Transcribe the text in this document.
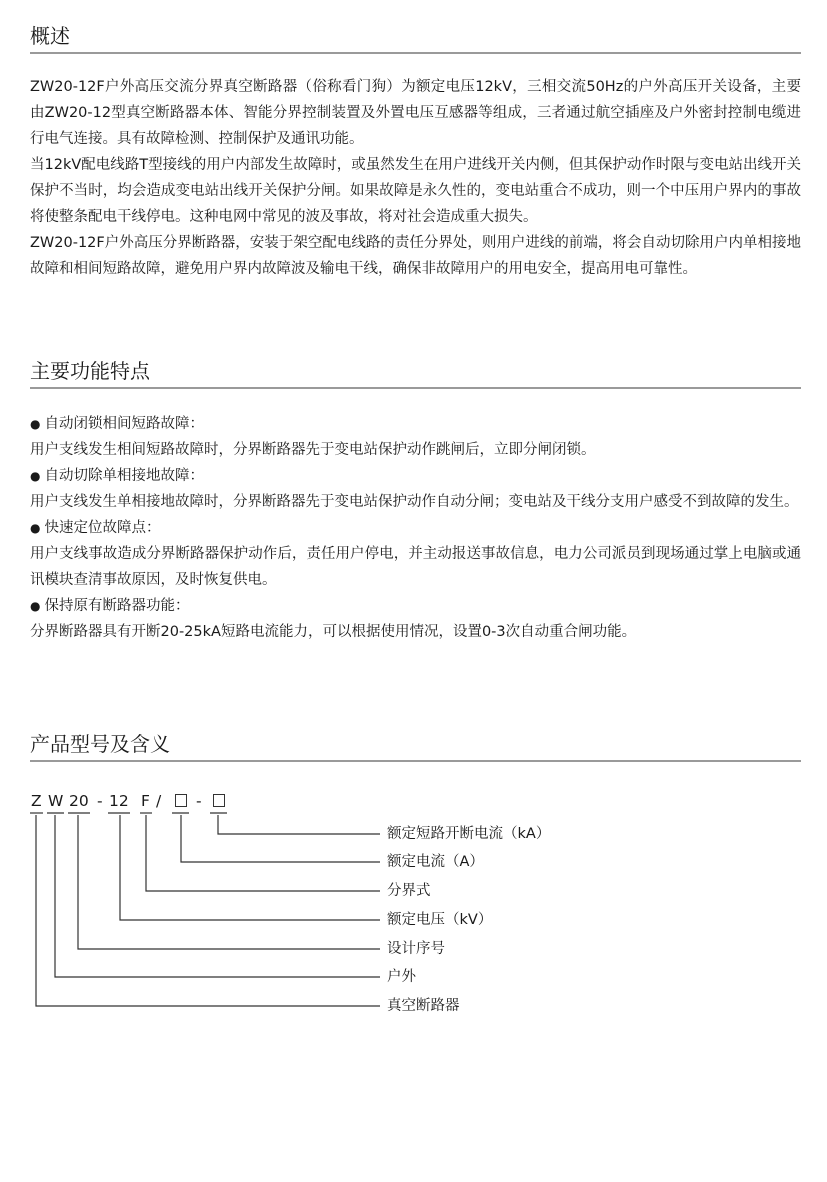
概述

ZW20-12F户外高压交流分界真空断路器（俗称看门狗）为额定电压12kV，三相交流50Hz的户外高压开关设备，主要由ZW20-12型真空断路器本体、智能分界控制装置及外置电压互感器等组成，三者通过航空插座及户外密封控制电缆进行电气连接。具有故障检测、控制保护及通讯功能。

当12kV配电线路T型接线的用户内部发生故障时，或虽然发生在用户进线开关内侧，但其保护动作时限与变电站出线开关保护不当时，均会造成变电站出线开关保护分闸。如果故障是永久性的，变电站重合不成功，则一个中压用户界内的事故将使整条配电干线停电。这种电网中常见的波及事故，将对社会造成重大损失。

ZW20-12F户外高压分界断路器，安装于架空配电线路的责任分界处，则用户进线的前端，将会自动切除用户内单相接地故障和相间短路故障，避免用户界内故障波及输电干线，确保非故障用户的用电安全，提高用电可靠性。

主要功能特点

● 自动闭锁相间短路故障：

用户支线发生相间短路故障时，分界断路器先于变电站保护动作跳闸后，立即分闸闭锁。

● 自动切除单相接地故障：

用户支线发生单相接地故障时，分界断路器先于变电站保护动作自动分闸；变电站及干线分支用户感受不到故障的发生。

● 快速定位故障点：

用户支线事故造成分界断路器保护动作后，责任用户停电，并主动报送事故信息，电力公司派员到现场通过掌上电脑或通讯模块查清事故原因，及时恢复供电。

● 保持原有断路器功能：

分界断路器具有开断20-25kA短路电流能力，可以根据使用情况，设置0-3次自动重合闸功能。

产品型号及含义
Z W 20 - 12 F / -
额定短路开断电流（kA）
额定电流（A）
分界式
额定电压（kV）
设计序号
户外
真空断路器
